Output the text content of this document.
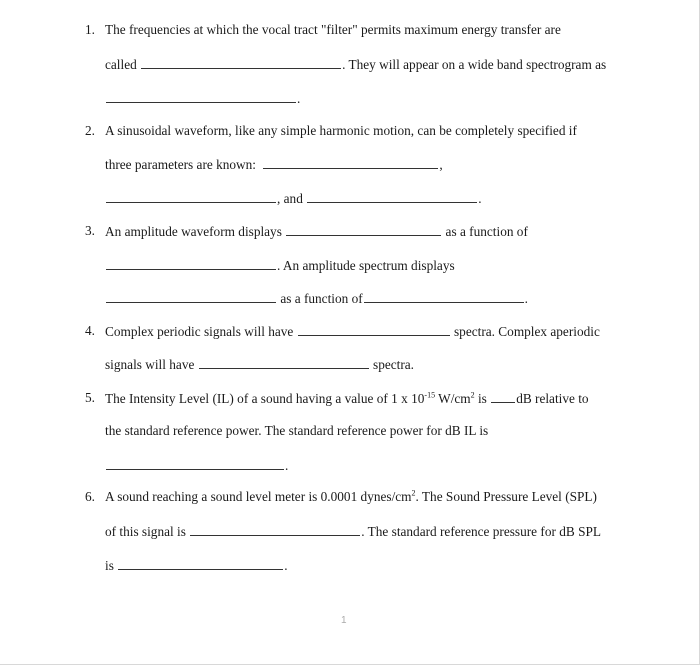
1. The frequencies at which the vocal tract "filter" permits maximum energy transfer are
called	. They will appear on a wide band spectrogram as
.
2. A sinusoidal waveform, like any simple harmonic motion, can be completely specified if
three parameters are known:	,
, and	.
3. An amplitude waveform displays	as a function of
. An amplitude spectrum displays
as a function of	.
4. Complex periodic signals will have	spectra. Complex aperiodic
signals will have	spectra.
5. The Intensity Level (IL) of a sound having a value of 1 x $10^{-15}$ $W/cm^2$ is dB relative to
the standard reference power. The standard reference power for dB IL is
.
6. A sound reaching a sound level meter is 0.0001 dynes/$cm^2$. The Sound Pressure Level (SPL)
of this signal is	. The standard reference pressure for dB SPL
is	.
1
